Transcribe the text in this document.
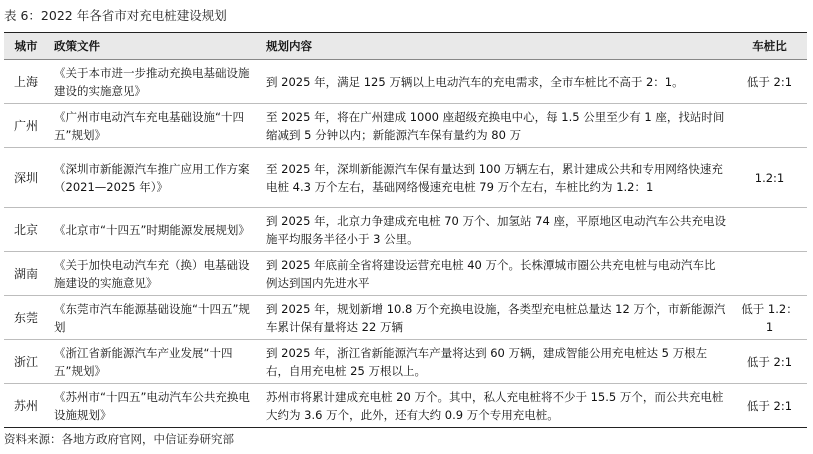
表 6：2022 年各省市对充电桩建设规划
城市	政策文件	规划内容	车桩比
上海	《关于本市进一步推动充换电基础设施建设的实施意见》	到 2025 年，满足 125 万辆以上电动汽车的充电需求，全市车桩比不高于 2：1。	低于 2:1
广州	《广州市电动汽车充电基础设施“十四五”规划》	至 2025 年，将在广州建成 1000 座超级充换电中心，每 1.5 公里至少有 1 座，找站时间缩减到 5 分钟以内；新能源汽车保有量约为 80 万	
深圳	《深圳市新能源汽车推广应用工作方案（2021—2025 年）》	至 2025 年，深圳新能源汽车保有量达到 100 万辆左右，累计建成公共和专用网络快速充电桩 4.3 万个左右，基础网络慢速充电桩 79 万个左右，车桩比约为 1.2：1	1.2:1
北京	《北京市“十四五”时期能源发展规划》	到 2025 年，北京力争建成充电桩 70 万个、加氢站 74 座，平原地区电动汽车公共充电设施平均服务半径小于 3 公里。	
湖南	《关于加快电动汽车充（换）电基础设施建设的实施意见》	到 2025 年底前全省将建设运营充电桩 40 万个。长株潭城市圈公共充电桩与电动汽车比例达到国内先进水平	
东莞	《东莞市汽车能源基础设施“十四五”规划	到 2025 年，规划新增 10.8 万个充换电设施，各类型充电桩总量达 12 万个，市新能源汽车累计保有量将达 22 万辆	低于 1.2：1
浙江	《浙江省新能源汽车产业发展“十四五”规划》	到 2025 年，浙江省新能源汽车产量将达到 60 万辆，建成智能公用充电桩达 5 万根左右，自用充电桩 25 万根以上。	低于 2:1
苏州	《苏州市“十四五”电动汽车公共充换电设施规划》	苏州市将累计建成充电桩 20 万个。其中，私人充电桩将不少于 15.5 万个，而公共充电桩大约为 3.6 万个，此外，还有大约 0.9 万个专用充电桩。	低于 2:1
资料来源：各地方政府官网，中信证券研究部
